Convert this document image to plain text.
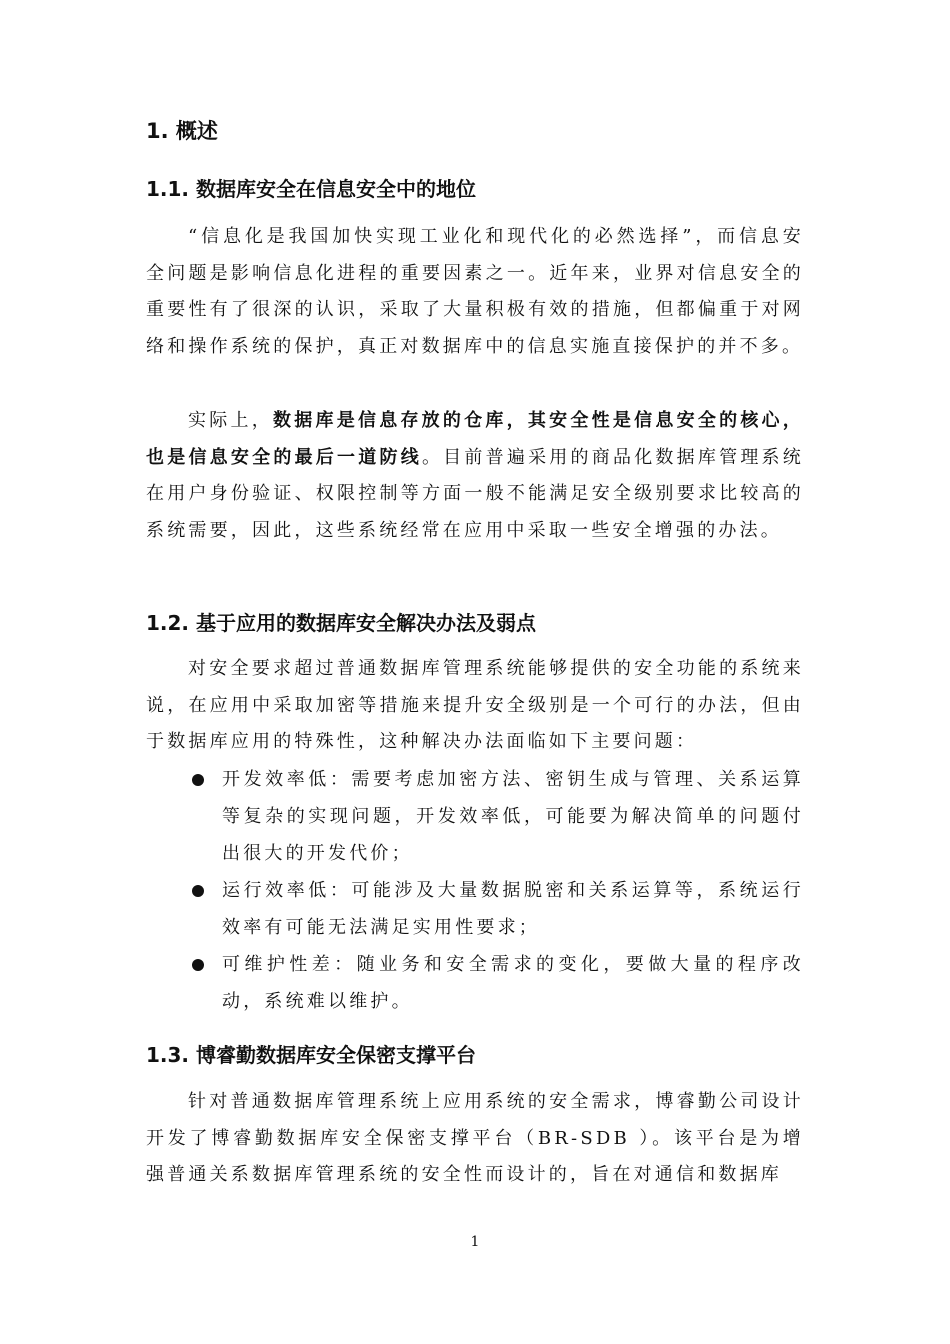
1. 概述
1.1. 数据库安全在信息安全中的地位

“信息化是我国加快实现工业化和现代化的必然选择”，而信息安全问题是影响信息化进程的重要因素之一。近年来，业界对信息安全的重要性有了很深的认识，采取了大量积极有效的措施，但都偏重于对网络和操作系统的保护，真正对数据库中的信息实施直接保护的并不多。

实际上，数据库是信息存放的仓库，其安全性是信息安全的核心，也是信息安全的最后一道防线。目前普遍采用的商品化数据库管理系统在用户身份验证、权限控制等方面一般不能满足安全级别要求比较高的系统需要，因此，这些系统经常在应用中采取一些安全增强的办法。

1.2. 基于应用的数据库安全解决办法及弱点

对安全要求超过普通数据库管理系统能够提供的安全功能的系统来说，在应用中采取加密等措施来提升安全级别是一个可行的办法，但由于数据库应用的特殊性，这种解决办法面临如下主要问题：

开发效率低：需要考虑加密方法、密钥生成与管理、关系运算等复杂的实现问题，开发效率低，可能要为解决简单的问题付出很大的开发代价；
运行效率低：可能涉及大量数据脱密和关系运算等，系统运行效率有可能无法满足实用性要求；
可维护性差：随业务和安全需求的变化，要做大量的程序改动，系统难以维护。
1.3. 博睿勤数据库安全保密支撑平台

针对普通数据库管理系统上应用系统的安全需求，博睿勤公司设计开发了博睿勤数据库安全保密支撑平台（BR-SDB ）。该平台是为增强普通关系数据库管理系统的安全性而设计的，旨在对通信和数据库

1
